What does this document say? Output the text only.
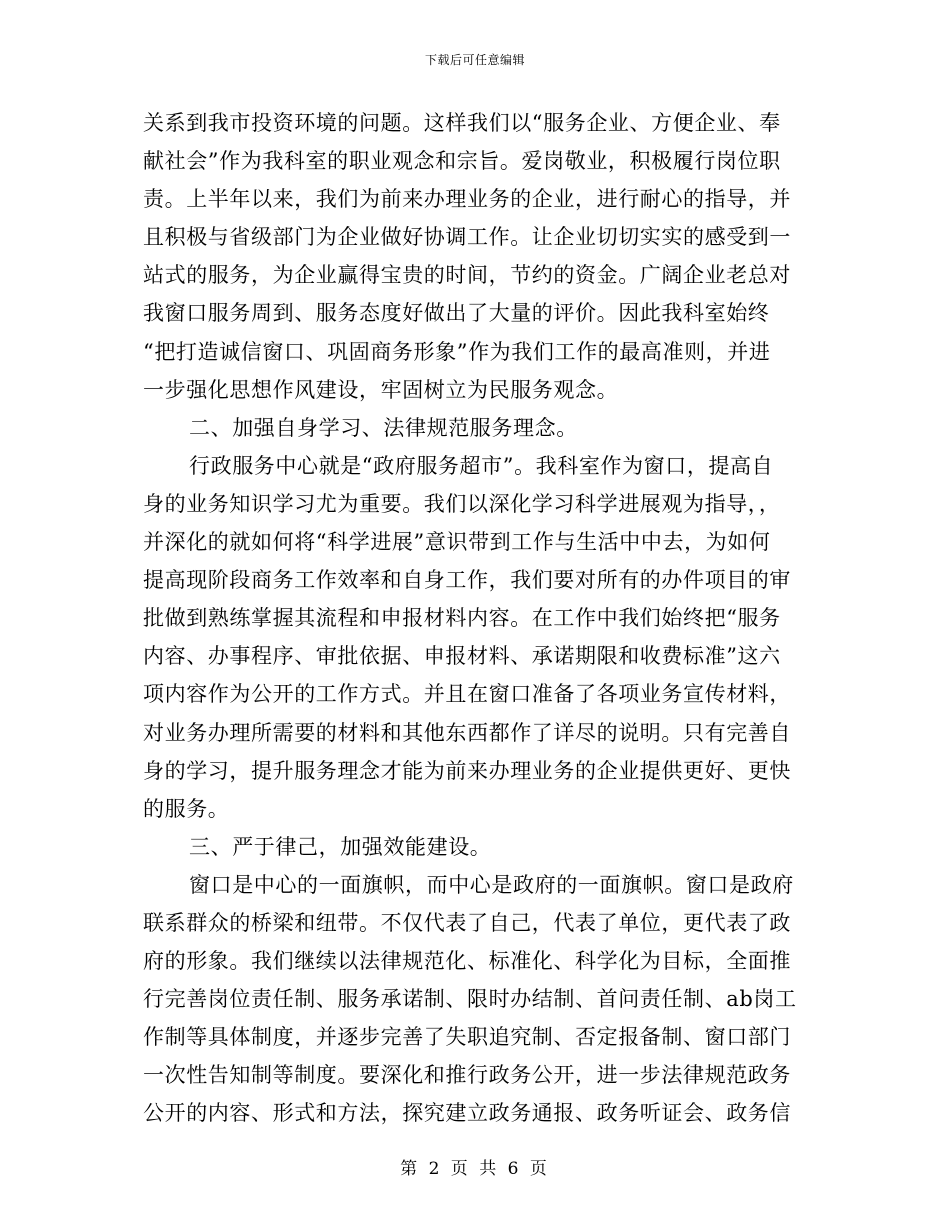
下载后可任意编辑
关系到我市投资环境的问题。这样我们以“服务企业、方便企业、奉
献社会”作为我科室的职业观念和宗旨。爱岗敬业，积极履行岗位职
责。上半年以来，我们为前来办理业务的企业，进行耐心的指导，并
且积极与省级部门为企业做好协调工作。让企业切切实实的感受到一
站式的服务，为企业赢得宝贵的时间，节约的资金。广阔企业老总对
我窗口服务周到、服务态度好做出了大量的评价。因此我科室始终
“把打造诚信窗口、巩固商务形象”作为我们工作的最高准则，并进
一步强化思想作风建设，牢固树立为民服务观念。
二、加强自身学习、法律规范服务理念。
行政服务中心就是“政府服务超市”。我科室作为窗口，提高自
身的业务知识学习尤为重要。我们以深化学习科学进展观为指导，，
并深化的就如何将“科学进展”意识带到工作与生活中中去，为如何
提高现阶段商务工作效率和自身工作，我们要对所有的办件项目的审
批做到熟练掌握其流程和申报材料内容。在工作中我们始终把“服务
内容、办事程序、审批依据、申报材料、承诺期限和收费标准”这六
项内容作为公开的工作方式。并且在窗口准备了各项业务宣传材料，
对业务办理所需要的材料和其他东西都作了详尽的说明。只有完善自
身的学习，提升服务理念才能为前来办理业务的企业提供更好、更快
的服务。
三、严于律己，加强效能建设。
窗口是中心的一面旗帜，而中心是政府的一面旗帜。窗口是政府
联系群众的桥梁和纽带。不仅代表了自己，代表了单位，更代表了政
府的形象。我们继续以法律规范化、标准化、科学化为目标，全面推
行完善岗位责任制、服务承诺制、限时办结制、首问责任制、ab岗工
作制等具体制度，并逐步完善了失职追究制、否定报备制、窗口部门
一次性告知制等制度。要深化和推行政务公开，进一步法律规范政务
公开的内容、形式和方法，探究建立政务通报、政务听证会、政务信
第 2 页 共 6 页
